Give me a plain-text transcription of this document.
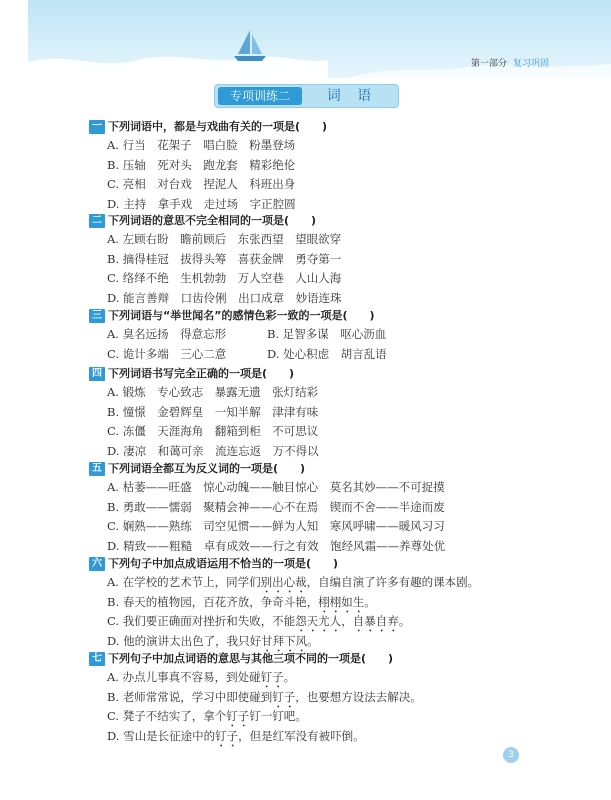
第一部分 复习巩固
专项训练二	词 语
一 下列词语中，都是与戏曲有关的一项是(　　)
A. 行当　花架子　唱白脸　粉墨登场
B. 压轴　死对头　跑龙套　精彩绝伦
C. 亮相　对台戏　捏泥人　科班出身
D. 主持　拿手戏　走过场　字正腔圆
二 下列词语的意思不完全相同的一项是(　　)
A. 左顾右盼　瞻前顾后　东张西望　望眼欲穿
B. 摘得桂冠　拔得头筹　喜获金牌　勇夺第一
C. 络绎不绝　生机勃勃　万人空巷　人山人海
D. 能言善辩　口齿伶俐　出口成章　妙语连珠
三 下列词语与“举世闻名”的感情色彩一致的一项是(　　)
A. 臭名远扬　得意忘形	B. 足智多谋　呕心沥血
C. 诡计多端　三心二意	D. 处心积虑　胡言乱语
四 下列词语书写完全正确的一项是(　　)
A. 锻炼　专心致志　暴露无遗　张灯结彩
B. 憧憬　金碧辉皇　一知半解　津津有味
C. 冻僵　天涯海角　翻箱到柜　不可思议
D. 凄凉　和蔼可亲　流连忘返　万不得以
五 下列词语全都互为反义词的一项是(　　)
A. 枯萎——旺盛　惊心动魄——触目惊心　莫名其妙——不可捉摸
B. 勇敢——懦弱　聚精会神——心不在焉　锲而不舍——半途而废
C. 娴熟——熟练　司空见惯——鲜为人知　寒风呼啸——暖风习习
D. 精致——粗糙　卓有成效——行之有效　饱经风霜——养尊处优
六 下列句子中加点成语运用不恰当的一项是(　　)
A. 在学校的艺术节上，同学们别出心裁，自编自演了许多有趣的课本剧。
B. 春天的植物园，百花齐放，争奇斗艳，栩栩如生。
C. 我们要正确面对挫折和失败，不能怨天尤人，自暴自弃。
D. 他的演讲太出色了，我只好甘拜下风。
七 下列句子中加点词语的意思与其他三项不同的一项是(　　)
A. 办点儿事真不容易，到处碰钉子。
B. 老师常常说，学习中即使碰到钉子，也要想方设法去解决。
C. 凳子不结实了，拿个钉子钉一钉吧。
D. 雪山是长征途中的钉子，但是红军没有被吓倒。
3
